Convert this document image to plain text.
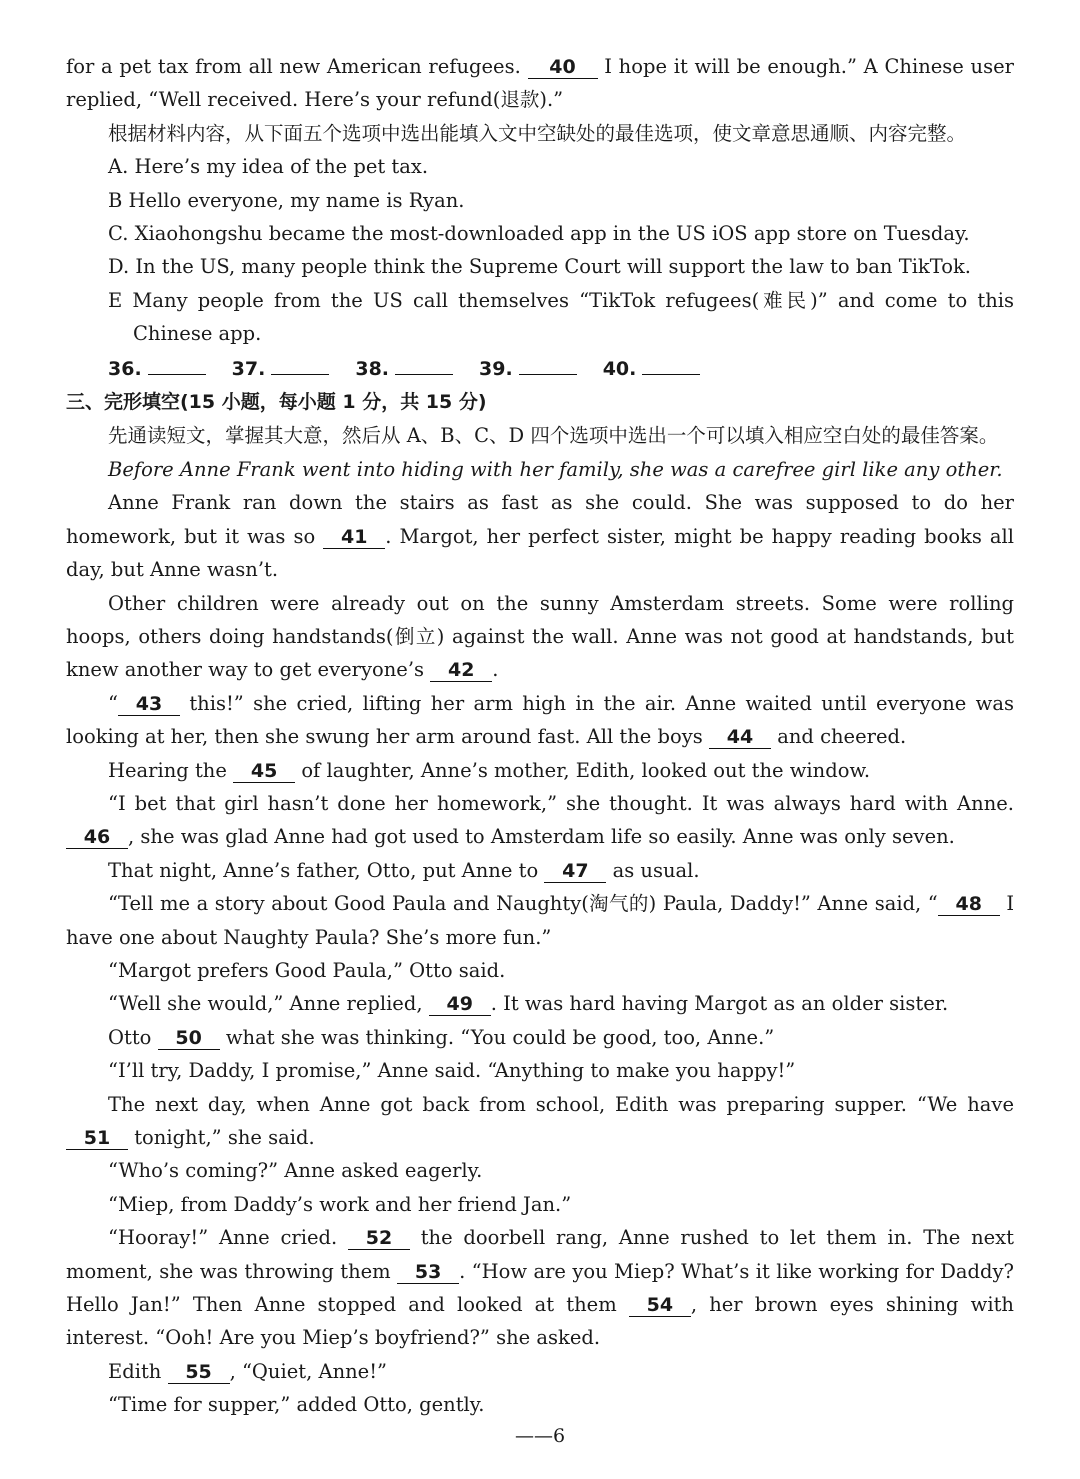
for a pet tax from all new American refugees. 40 I hope it will be enough.” A Chinese user replied, “Well received. Here’s your refund(退款).”

根据材料内容，从下面五个选项中选出能填入文中空缺处的最佳选项，使文章意思通顺、内容完整。

A. Here’s my idea of the pet tax.

B Hello everyone, my name is Ryan.

C. Xiaohongshu became the most-downloaded app in the US iOS app store on Tuesday.

D. In the US, many people think the Supreme Court will support the law to ban TikTok.

E Many people from the US call themselves “TikTok refugees(难民)” and come to this Chinese app.

36.	37.	38.	39.	40.

三、完形填空(15 小题，每小题 1 分，共 15 分)

先通读短文，掌握其大意，然后从 A、B、C、D 四个选项中选出一个可以填入相应空白处的最佳答案。

Before Anne Frank went into hiding with her family, she was a carefree girl like any other.

Anne Frank ran down the stairs as fast as she could. She was supposed to do her homework, but it was so 41 . Margot, her perfect sister, might be happy reading books all day, but Anne wasn’t.

Other children were already out on the sunny Amsterdam streets. Some were rolling hoops, others doing handstands(倒立) against the wall. Anne was not good at handstands, but knew another way to get everyone’s 42 .

“ 43 this!” she cried, lifting her arm high in the air. Anne waited until everyone was looking at her, then she swung her arm around fast. All the boys 44 and cheered.

Hearing the 45 of laughter, Anne’s mother, Edith, looked out the window.

“I bet that girl hasn’t done her homework,” she thought. It was always hard with Anne. 46 , she was glad Anne had got used to Amsterdam life so easily. Anne was only seven.

That night, Anne’s father, Otto, put Anne to 47 as usual.

“Tell me a story about Good Paula and Naughty(淘气的) Paula, Daddy!” Anne said, “ 48 I have one about Naughty Paula? She’s more fun.”

“Margot prefers Good Paula,” Otto said.

“Well she would,” Anne replied, 49 . It was hard having Margot as an older sister.

Otto 50 what she was thinking. “You could be good, too, Anne.”

“I’ll try, Daddy, I promise,” Anne said. “Anything to make you happy!”

The next day, when Anne got back from school, Edith was preparing supper. “We have 51 tonight,” she said.

“Who’s coming?” Anne asked eagerly.

“Miep, from Daddy’s work and her friend Jan.”

“Hooray!” Anne cried. 52 the doorbell rang, Anne rushed to let them in. The next moment, she was throwing them 53 . “How are you Miep? What’s it like working for Daddy? Hello Jan!” Then Anne stopped and looked at them 54 , her brown eyes shining with interest. “Ooh! Are you Miep’s boyfriend?” she asked.

Edith 55 , “Quiet, Anne!”

“Time for supper,” added Otto, gently.

——6
